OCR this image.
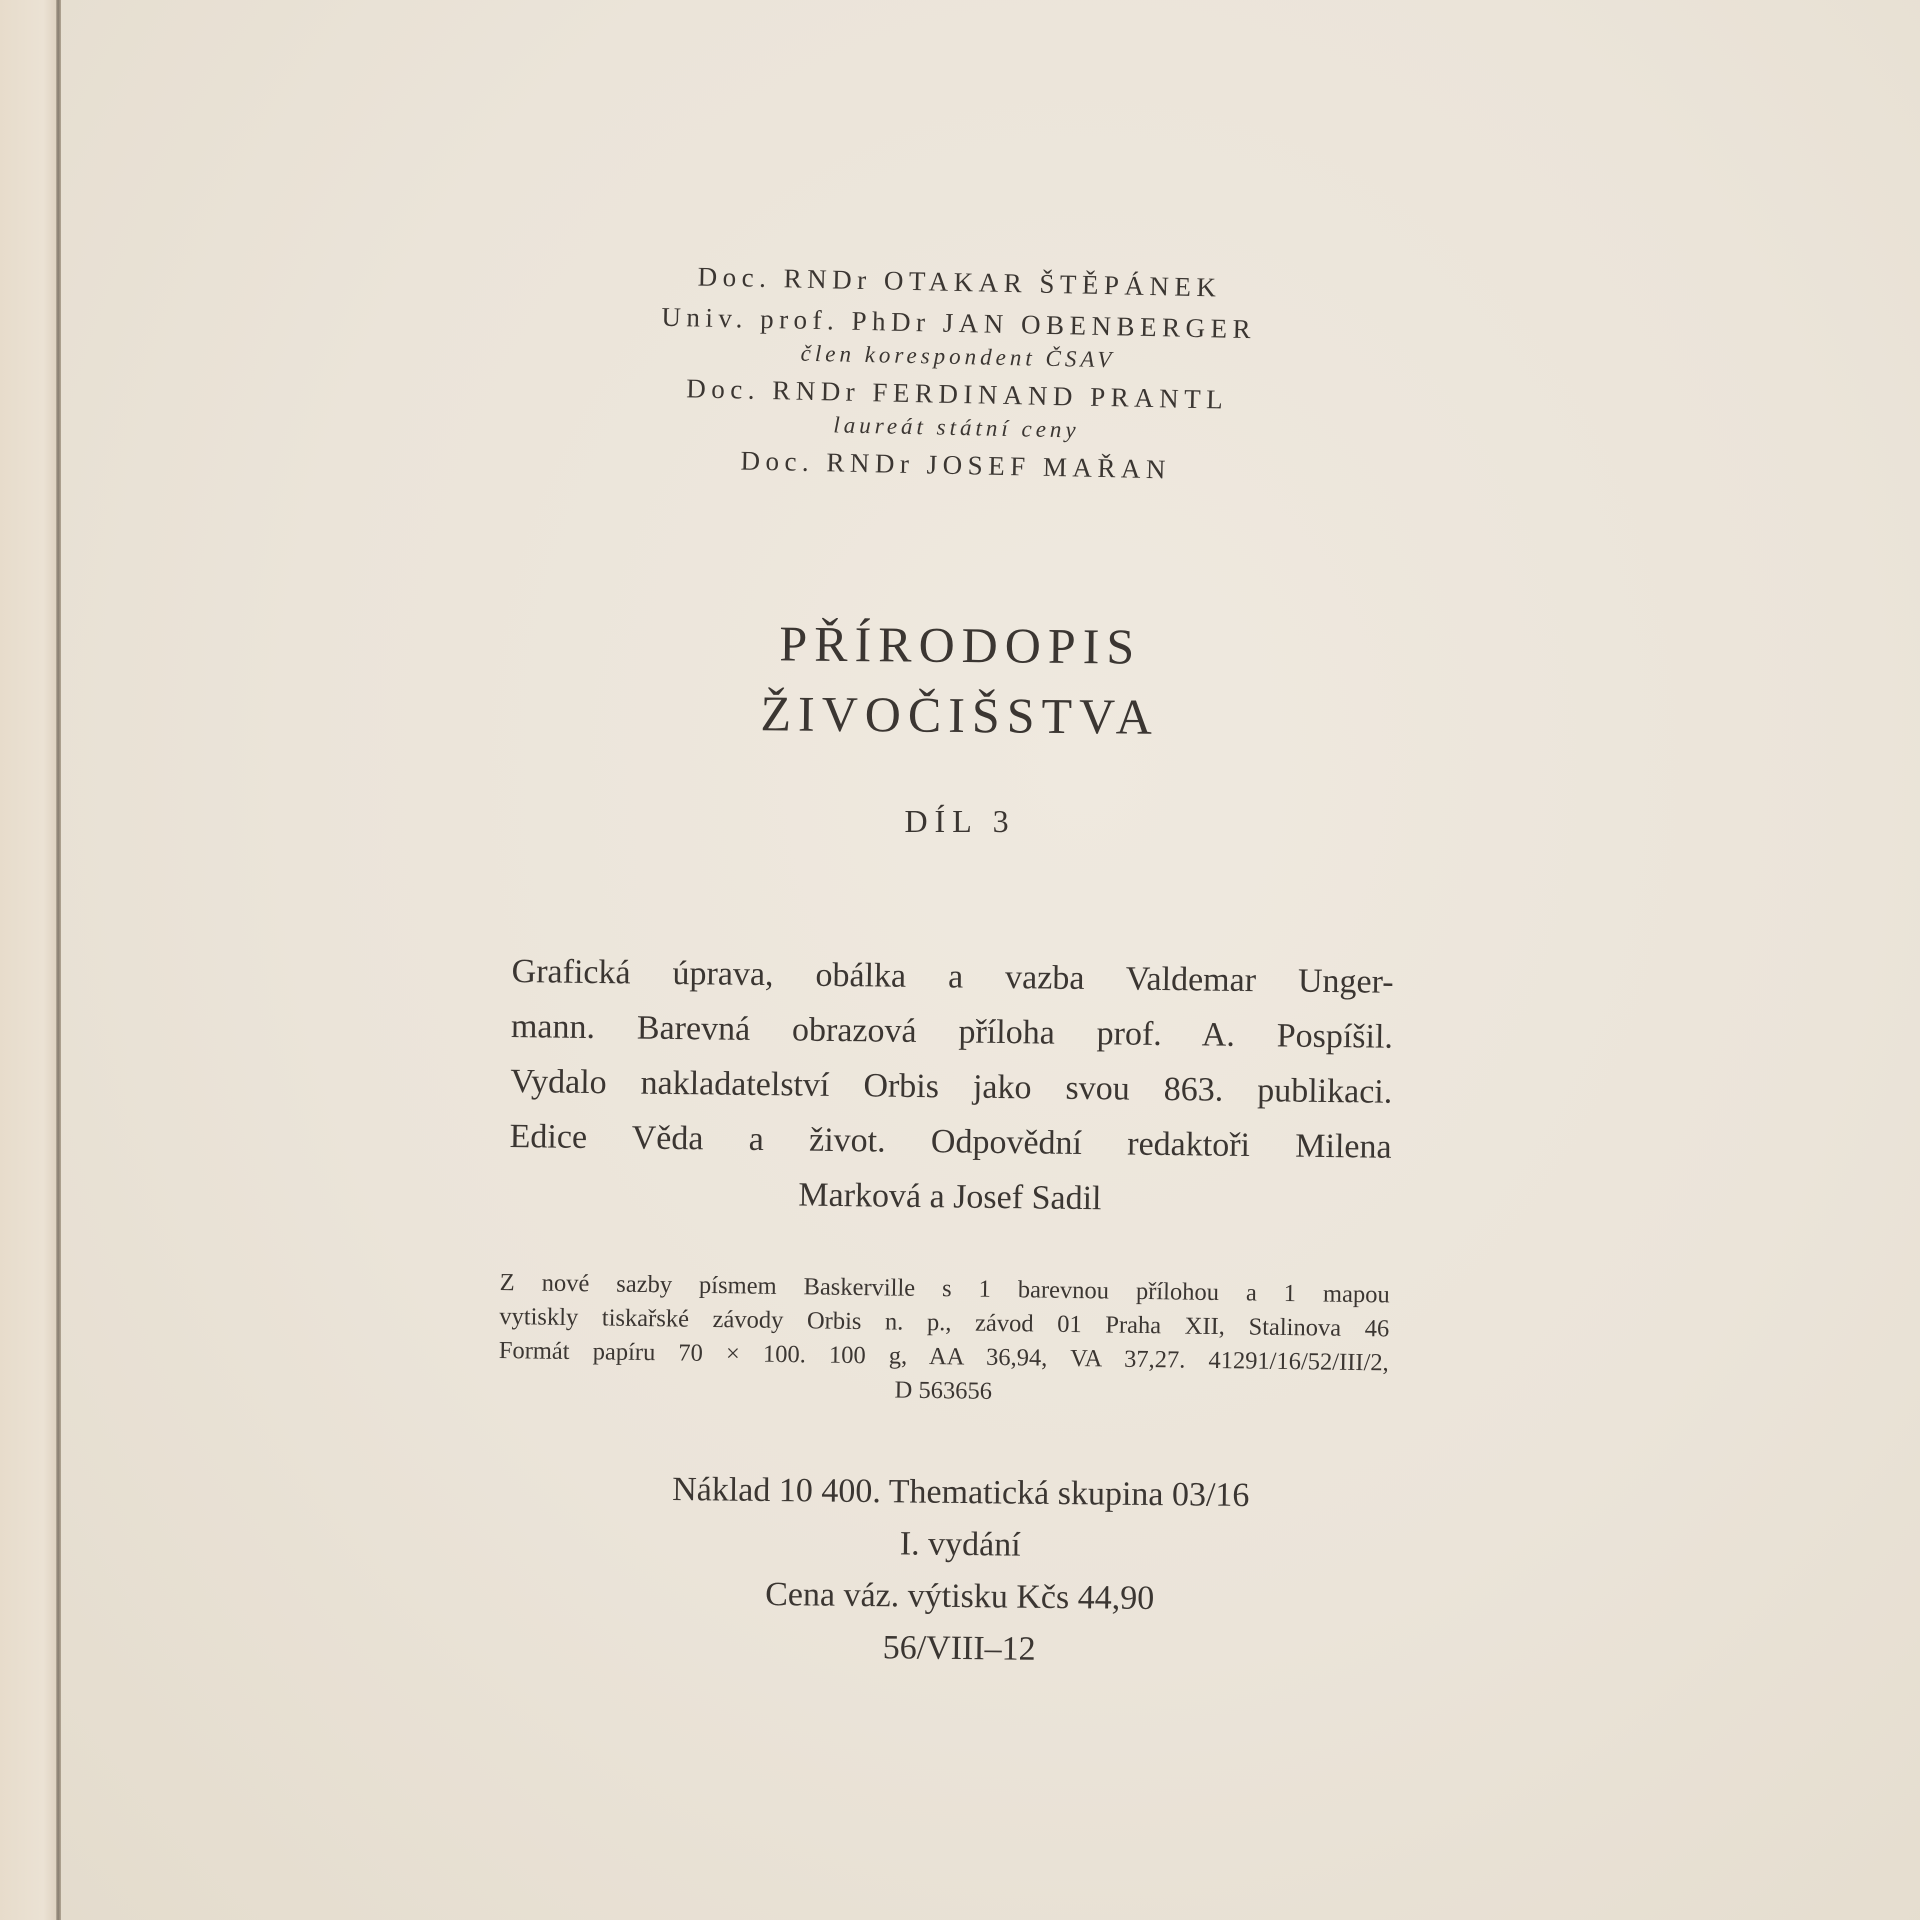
Doc. RNDr OTAKAR ŠTĚPÁNEK

Univ. prof. PhDr JAN OBENBERGER

člen korespondent ČSAV

Doc. RNDr FERDINAND PRANTL

laureát státní ceny

Doc. RNDr JOSEF MAŘAN

PŘÍRODOPIS

ŽIVOČIŠSTVA

DÍL 3
Grafická úprava, obálka a vazba Valdemar Unger-
mann. Barevná obrazová příloha prof. A. Pospíšil.
Vydalo nakladatelství Orbis jako svou 863. publikaci.
Edice Věda a život. Odpovědní redaktoři Milena
Marková a Josef Sadil
Z nové sazby písmem Baskerville s 1 barevnou přílohou a 1 mapou
vytiskly tiskařské závody Orbis n. p., závod 01 Praha XII, Stalinova 46
Formát papíru 70 × 100. 100 g, AA 36,94, VA 37,27. 41291/16/52/III/2,
D 563656

Náklad 10 400. Thematická skupina 03/16

I. vydání

Cena váz. výtisku Kčs 44,90

56/VIII–12
